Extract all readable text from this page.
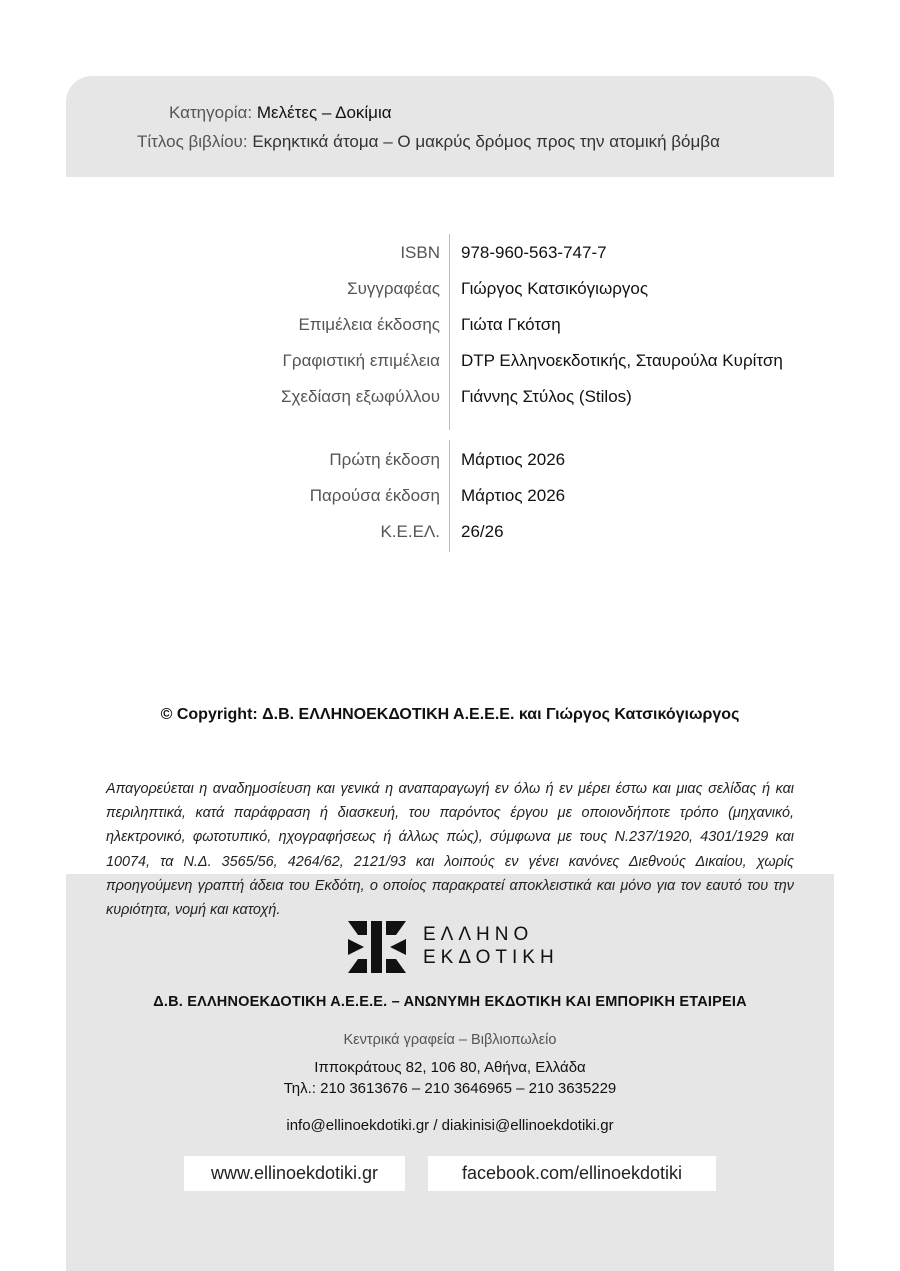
Κατηγορία: Μελέτες – Δοκίμια
Τίτλος βιβλίου: Εκρηκτικά άτομα – Ο μακρύς δρόμος προς την ατομική βόμβα
ISBN 978-960-563-747-7
Συγγραφέας Γιώργος Κατσικόγιωργος
Επιμέλεια έκδοσης Γιώτα Γκότση
Γραφιστική επιμέλεια DTP Ελληνοεκδοτικής, Σταυρούλα Κυρίτση
Σχεδίαση εξωφύλλου Γιάννης Στύλος (Stilos)
Πρώτη έκδοση Μάρτιος 2026
Παρούσα έκδοση Μάρτιος 2026
Κ.Ε.ΕΛ. 26/26
© Copyright: Δ.Β. ΕΛΛΗΝΟΕΚΔΟΤΙΚΗ Α.Ε.Ε.Ε. και Γιώργος Κατσικόγιωργος
Απαγορεύεται η αναδημοσίευση και γενικά η αναπαραγωγή εν όλω ή εν μέρει έστω και μιας σελίδας ή και περιληπτικά, κατά παράφραση ή διασκευή, του παρόντος έργου με οποιονδήποτε τρόπο (μηχανικό, ηλεκτρονικό, φωτοτυπικό, ηχογραφήσεως ή άλλως πώς), σύμφωνα με τους Ν.237/1920, 4301/1929 και 10074, τα Ν.Δ. 3565/56, 4264/62, 2121/93 και λοιπούς εν γένει κανόνες Διεθνούς Δικαίου, χωρίς προηγούμενη γραπτή άδεια του Εκδότη, ο οποίος παρακρατεί αποκλειστικά και μόνο για τον εαυτό του την κυριότητα, νομή και κατοχή.
ΕΛΛΗΝΟ
ΕΚΔΟΤΙΚΗ
Δ.Β. ΕΛΛΗΝΟΕΚΔΟΤΙΚΗ Α.Ε.Ε.Ε. – ΑΝΩΝΥΜΗ ΕΚΔΟΤΙΚΗ ΚΑΙ ΕΜΠΟΡΙΚΗ ΕΤΑΙΡΕΙΑ
Κεντρικά γραφεία – Βιβλιοπωλείο
Ιπποκράτους 82, 106 80, Αθήνα, Ελλάδα
Τηλ.: 210 3613676 – 210 3646965 – 210 3635229
info@ellinoekdotiki.gr / diakinisi@ellinoekdotiki.gr
www.ellinoekdotiki.gr	facebook.com/ellinoekdotiki
